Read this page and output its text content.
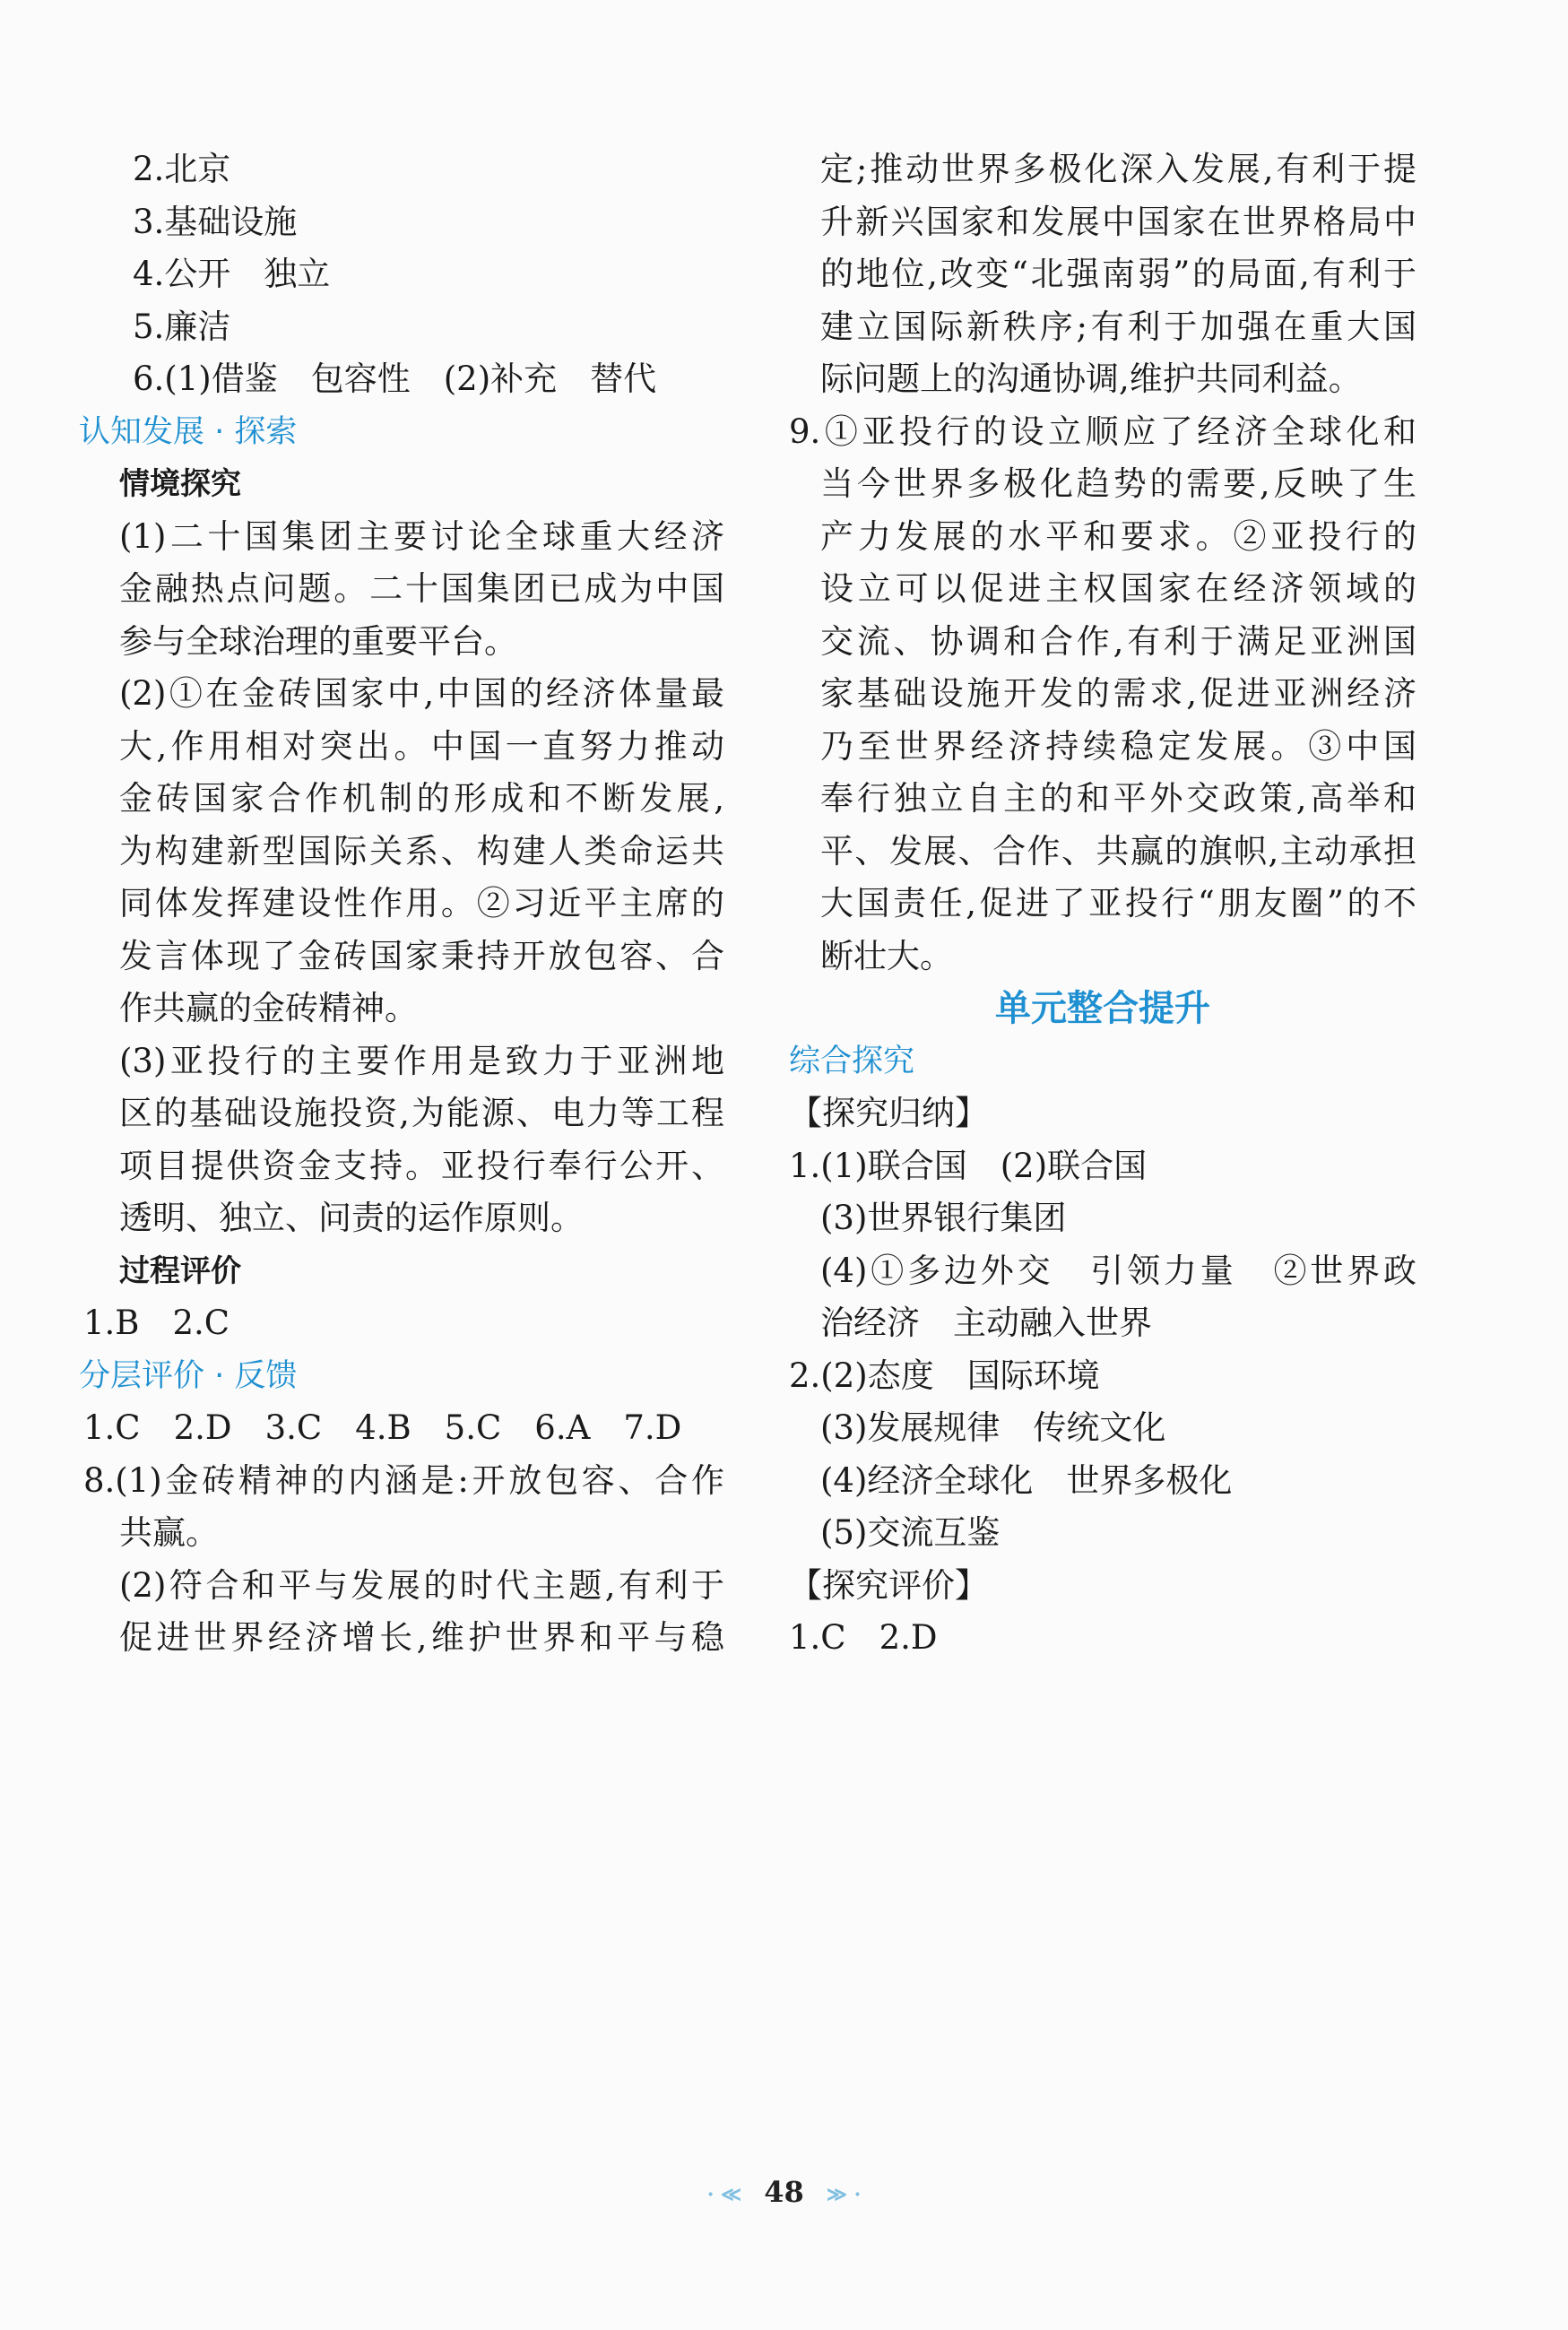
2.北京
3.基础设施
4.公开　独立
5.廉洁
6.(1)借鉴　包容性　(2)补充　替代
认知发展 · 探索
情境探究
(1)二十国集团主要讨论全球重大经济
金融热点问题。二十国集团已成为中国
参与全球治理的重要平台。
(2)①在金砖国家中,中国的经济体量最
大,作用相对突出。中国一直努力推动
金砖国家合作机制的形成和不断发展,
为构建新型国际关系、构建人类命运共
同体发挥建设性作用。②习近平主席的
发言体现了金砖国家秉持开放包容、合
作共赢的金砖精神。
(3)亚投行的主要作用是致力于亚洲地
区的基础设施投资,为能源、电力等工程
项目提供资金支持。亚投行奉行公开、
透明、独立、问责的运作原则。
过程评价
1.B　2.C
分层评价 · 反馈
1.C　2.D　3.C　4.B　5.C　6.A　7.D
8.(1)金砖精神的内涵是:开放包容、合作
共赢。
(2)符合和平与发展的时代主题,有利于
促进世界经济增长,维护世界和平与稳
定;推动世界多极化深入发展,有利于提
升新兴国家和发展中国家在世界格局中
的地位,改变“北强南弱”的局面,有利于
建立国际新秩序;有利于加强在重大国
际问题上的沟通协调,维护共同利益。
9.①亚投行的设立顺应了经济全球化和
当今世界多极化趋势的需要,反映了生
产力发展的水平和要求。②亚投行的
设立可以促进主权国家在经济领域的
交流、协调和合作,有利于满足亚洲国
家基础设施开发的需求,促进亚洲经济
乃至世界经济持续稳定发展。③中国
奉行独立自主的和平外交政策,高举和
平、发展、合作、共赢的旗帜,主动承担
大国责任,促进了亚投行“朋友圈”的不
断壮大。
单元整合提升
综合探究
【探究归纳】
1.(1)联合国　(2)联合国
(3)世界银行集团
(4)①多边外交　引领力量　②世界政
治经济　主动融入世界
2.(2)态度　国际环境
(3)发展规律　传统文化
(4)经济全球化　世界多极化
(5)交流互鉴
【探究评价】
1.C　2.D
· ≪ 48 ≫ ·
